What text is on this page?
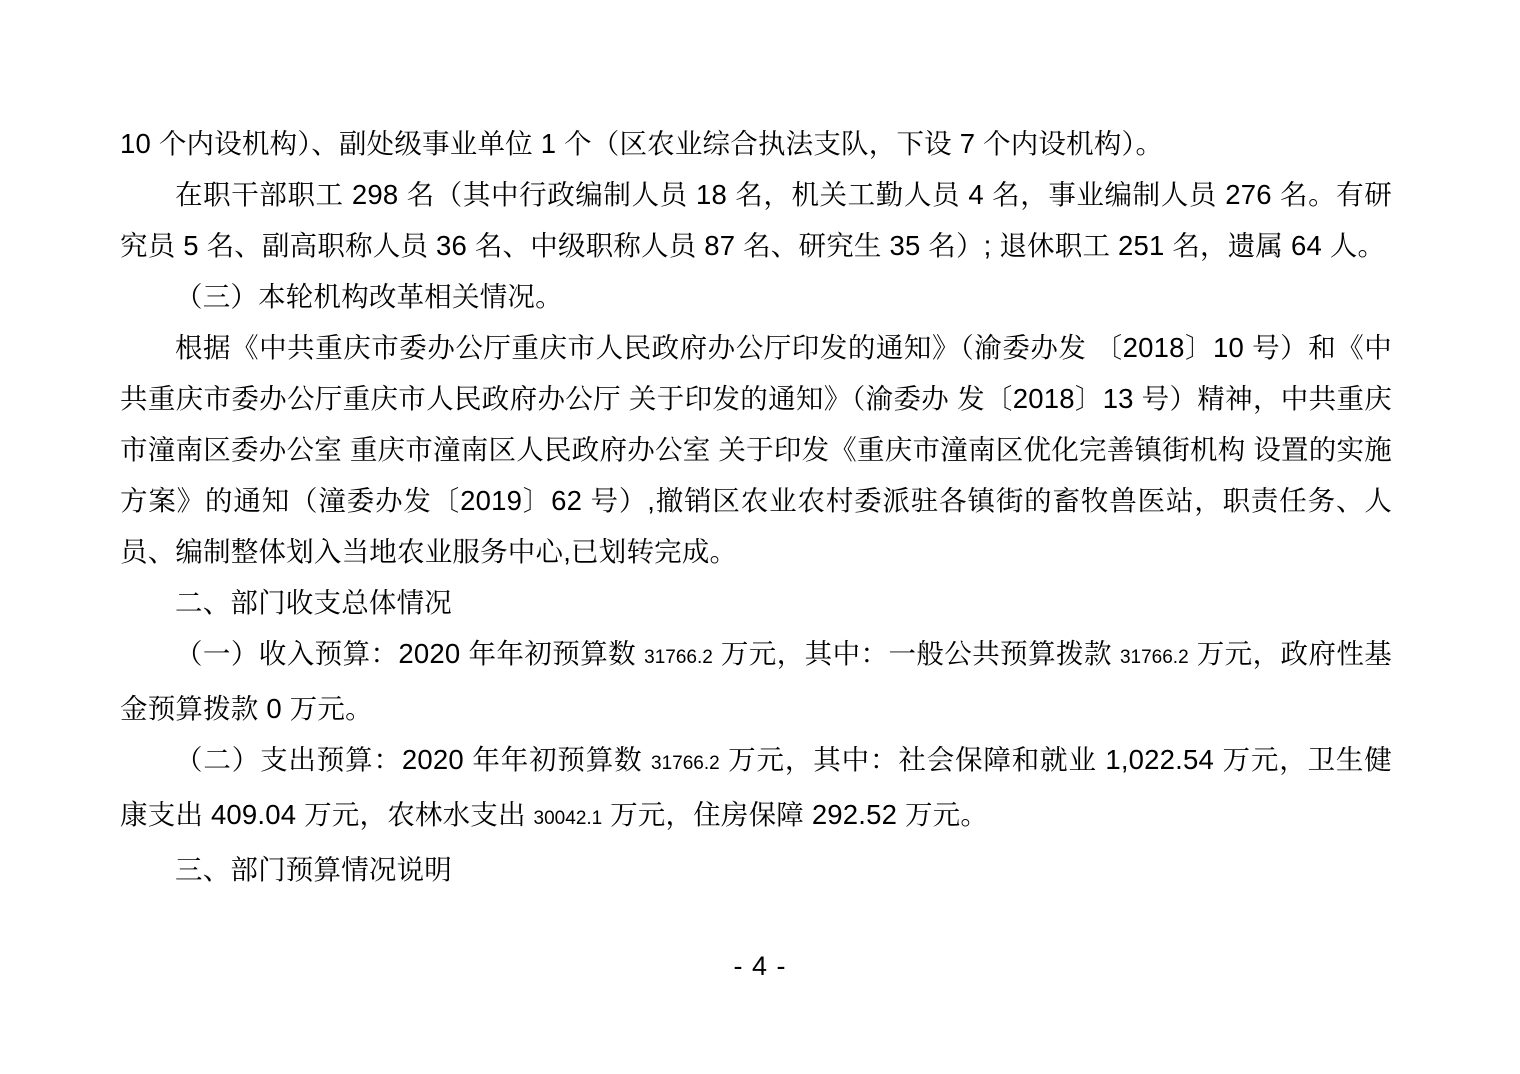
10 个内设机构）、副处级事业单位 1 个（区农业综合执法支队，下设 7 个内设机构）。

在职干部职工 298 名（其中行政编制人员 18 名，机关工勤人员 4 名，事业编制人员 276 名。有研究员 5 名、副高职称人员 36 名、中级职称人员 87 名、研究生 35 名）; 退休职工 251 名，遗属 64 人。

（三）本轮机构改革相关情况。

根据《中共重庆市委办公厅重庆市人民政府办公厅印发的通知》（渝委办发 〔2018〕10 号）和《中共重庆市委办公厅重庆市人民政府办公厅 关于印发的通知》（渝委办 发〔2018〕13 号）精神，中共重庆市潼南区委办公室 重庆市潼南区人民政府办公室 关于印发《重庆市潼南区优化完善镇街机构 设置的实施方案》的通知（潼委办发〔2019〕62 号）,撤销区农业农村委派驻各镇街的畜牧兽医站，职责任务、人员、编制整体划入当地农业服务中心,已划转完成。

二、部门收支总体情况

（一）收入预算：2020 年年初预算数 31766.2 万元，其中：一般公共预算拨款 31766.2 万元，政府性基金预算拨款 0 万元。

（二）支出预算：2020 年年初预算数 31766.2 万元，其中：社会保障和就业 1,022.54 万元，卫生健康支出 409.04 万元，农林水支出 30042.1 万元，住房保障 292.52 万元。

三、部门预算情况说明

- 4 -
